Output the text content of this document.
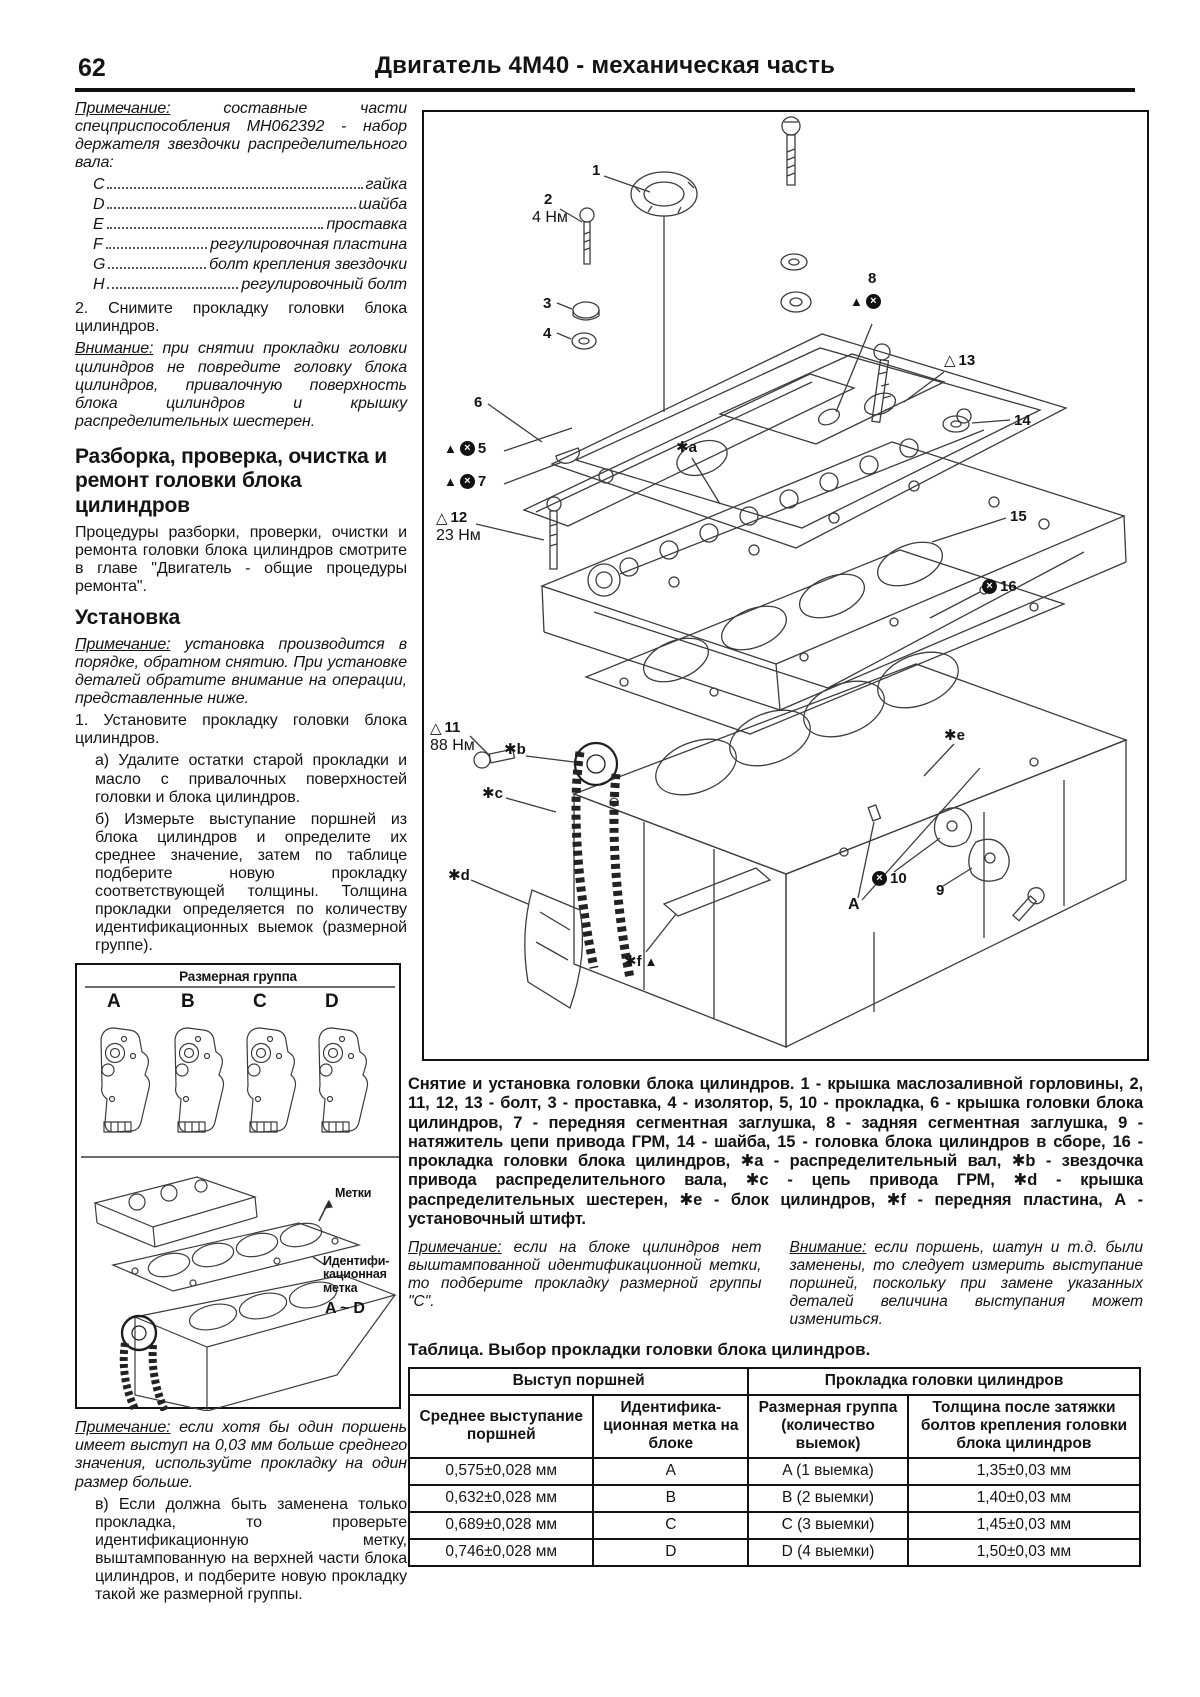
62	Двигатель 4М40 - механическая часть

Примечание: составные части спецприспособления МН062392 - набор держателя звездочки распределительного вала:

C	гайка
D	шайба
E	проставка
F	регулировочная пластина
G	болт крепления звездочки
H	регулировочный болт

2. Снимите прокладку головки блока цилиндров.

Внимание: при снятии прокладки головки цилиндров не повредите головку блока цилиндров, привалочную поверхность блока цилиндров и крышку распределительных шестерен.

Разборка, проверка, очистка и ремонт головки блока цилиндров

Процедуры разборки, проверки, очистки и ремонта головки блока цилиндров смотрите в главе "Двигатель - общие процедуры ремонта".

Установка

Примечание: установка производится в порядке, обратном снятию. При установке деталей обратите внимание на операции, представленные ниже.

1. Установите прокладку головки блока цилиндров.

а) Удалите остатки старой прокладки и масло с привалочных поверхностей головки и блока цилиндров.

б) Измерьте выступание поршней из блока цилиндров и определите их среднее значение, затем по таблице подберите новую прокладку соответствующей толщины. Толщина прокладки определяется по количеству идентификационных выемок (размерной группе).

Размерная группа
A	B	C	D
Метки
Идентифи-
кационная
метка
A ~ D

Примечание: если хотя бы один поршень имеет выступ на 0,03 мм больше среднего значения, используйте прокладку на один размер больше.

в) Если должна быть заменена только прокладка, то проверьте идентификационную метку, выштампованную на верхней части блока цилиндров, и подберите новую прокладку такой же размерной группы.

1
2
4 Нм
3
4
6
▲ × 5
▲ × 7
△ 12
23 Нм
△ 11
88 Нм
✱a
8
▲ ×
△ 13
14
15
× 16
✱e
✱b
✱c
✱d	× 10
9
А
✱f ▲

Снятие и установка головки блока цилиндров. 1 - крышка маслозаливной горловины, 2, 11, 12, 13 - болт, 3 - проставка, 4 - изолятор, 5, 10 - прокладка, 6 - крышка головки блока цилиндров, 7 - передняя сегментная заглушка, 8 - задняя сегментная заглушка, 9 - натяжитель цепи привода ГРМ, 14 - шайба, 15 - головка блока цилиндров в сборе, 16 - прокладка головки блока цилиндров, ✱a - распределительный вал, ✱b - звездочка привода распределительного вала, ✱c - цепь привода ГРМ, ✱d - крышка распределительных шестерен, ✱e - блок цилиндров, ✱f - передняя пластина, А - установочный штифт.

Примечание: если на блоке цилиндров нет выштампованной идентификационной метки, то подберите прокладку размерной группы "С".

Внимание: если поршень, шатун и т.д. были заменены, то следует измерить выступание поршней, поскольку при замене указанных деталей величина выступания может измениться.

Таблица. Выбор прокладки головки блока цилиндров.
Выступ поршней		Прокладка головки цилиндров	
Среднее выступание поршней	Идентификационная метка на блоке	Размерная группа (количество выемок)	Толщина после затяжки болтов крепления головки блока цилиндров
0,575±0,028 мм	A	A (1 выемка)	1,35±0,03 мм
0,632±0,028 мм	B	B (2 выемки)	1,40±0,03 мм
0,689±0,028 мм	C	C (3 выемки)	1,45±0,03 мм
0,746±0,028 мм	D	D (4 выемки)	1,50±0,03 мм
